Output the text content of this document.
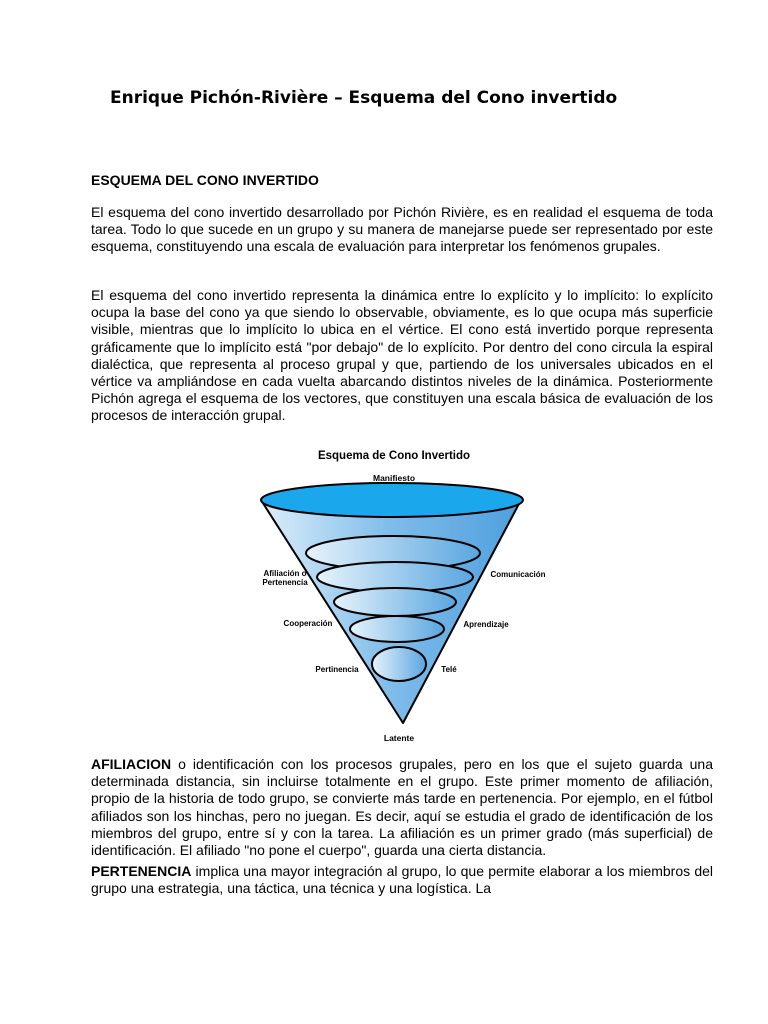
Enrique Pichón-Rivière – Esquema del Cono invertido
ESQUEMA DEL CONO INVERTIDO

El esquema del cono invertido desarrollado por Pichón Rivière, es en realidad el esquema de toda tarea. Todo lo que sucede en un grupo y su manera de manejarse puede ser representado por este esquema, constituyendo una escala de evaluación para interpretar los fenómenos grupales.

El esquema del cono invertido representa la dinámica entre lo explícito y lo implícito: lo explícito ocupa la base del cono ya que siendo lo observable, obviamente, es lo que ocupa más superficie visible, mientras que lo implícito lo ubica en el vértice. El cono está invertido porque representa gráficamente que lo implícito está "por debajo" de lo explícito. Por dentro del cono circula la espiral dialéctica, que representa al proceso grupal y que, partiendo de los universales ubicados en el vértice va ampliándose en cada vuelta abarcando distintos niveles de la dinámica. Posteriormente Pichón agrega el esquema de los vectores, que constituyen una escala básica de evaluación de los procesos de interacción grupal.

Esquema de Cono Invertido
Manifiesto
Afiliación o
Pertenencia
Cooperación
Pertinencia
Comunicación
Aprendizaje
Telé
Latente

AFILIACION o identificación con los procesos grupales, pero en los que el sujeto guarda una determinada distancia, sin incluirse totalmente en el grupo. Este primer momento de afiliación, propio de la historia de todo grupo, se convierte más tarde en pertenencia. Por ejemplo, en el fútbol afiliados son los hinchas, pero no juegan. Es decir, aquí se estudia el grado de identificación de los miembros del grupo, entre sí y con la tarea. La afiliación es un primer grado (más superficial) de identificación. El afiliado "no pone el cuerpo", guarda una cierta distancia.

PERTENENCIA implica una mayor integración al grupo, lo que permite elaborar a los miembros del grupo una estrategia, una táctica, una técnica y una logística. La
